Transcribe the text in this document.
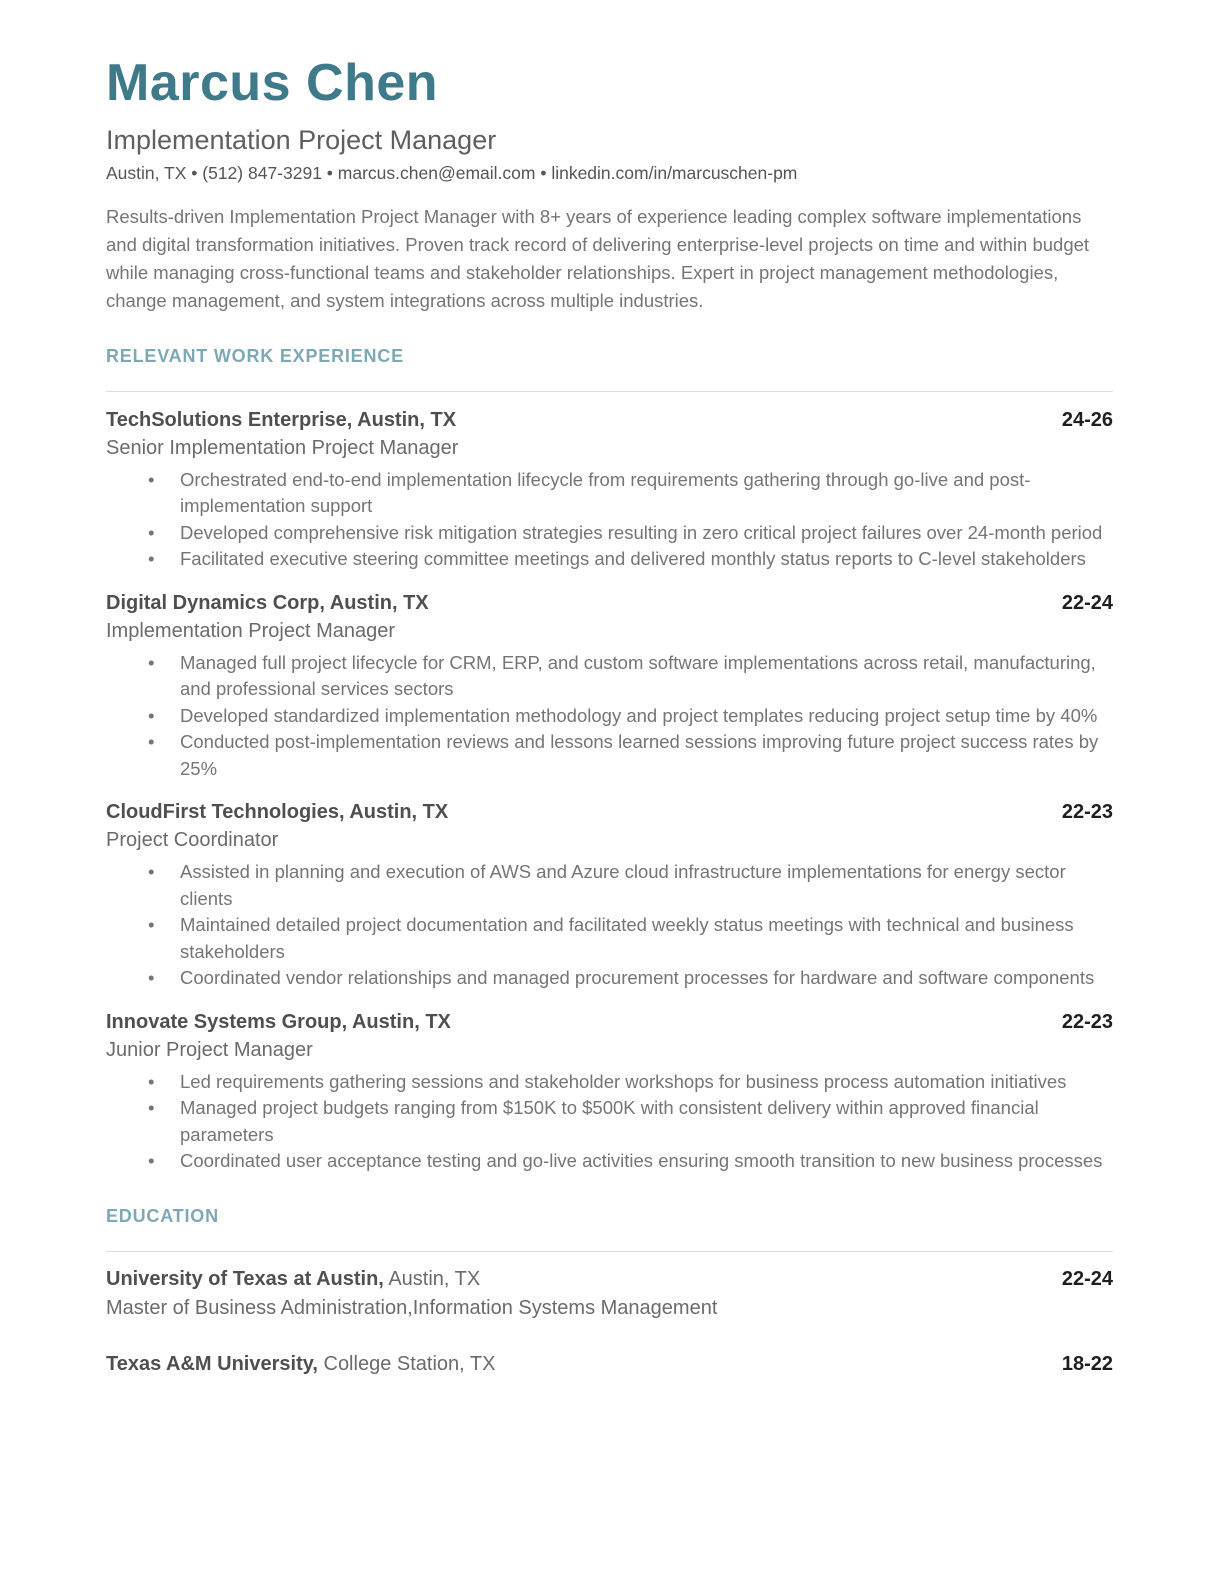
Marcus Chen
Implementation Project Manager
Austin, TX • (512) 847-3291 • marcus.chen@email.com • linkedin.com/in/marcuschen-pm

Results-driven Implementation Project Manager with 8+ years of experience leading complex software implementations and digital transformation initiatives. Proven track record of delivering enterprise-level projects on time and within budget while managing cross-functional teams and stakeholder relationships. Expert in project management methodologies, change management, and system integrations across multiple industries.

RELEVANT WORK EXPERIENCE
TechSolutions Enterprise, Austin, TX	24-26
Senior Implementation Project Manager
• Orchestrated end-to-end implementation lifecycle from requirements gathering through go-live and post-implementation support
• Developed comprehensive risk mitigation strategies resulting in zero critical project failures over 24-month period
• Facilitated executive steering committee meetings and delivered monthly status reports to C-level stakeholders
Digital Dynamics Corp, Austin, TX	22-24
Implementation Project Manager
• Managed full project lifecycle for CRM, ERP, and custom software implementations across retail, manufacturing, and professional services sectors
• Developed standardized implementation methodology and project templates reducing project setup time by 40%
• Conducted post-implementation reviews and lessons learned sessions improving future project success rates by 25%
CloudFirst Technologies, Austin, TX	22-23
Project Coordinator
• Assisted in planning and execution of AWS and Azure cloud infrastructure implementations for energy sector clients
• Maintained detailed project documentation and facilitated weekly status meetings with technical and business stakeholders
• Coordinated vendor relationships and managed procurement processes for hardware and software components
Innovate Systems Group, Austin, TX	22-23
Junior Project Manager
• Led requirements gathering sessions and stakeholder workshops for business process automation initiatives
• Managed project budgets ranging from $150K to $500K with consistent delivery within approved financial parameters
• Coordinated user acceptance testing and go-live activities ensuring smooth transition to new business processes
EDUCATION
University of Texas at Austin, Austin, TX	22-24
Master of Business Administration,Information Systems Management
Texas A&M University, College Station, TX	18-22
